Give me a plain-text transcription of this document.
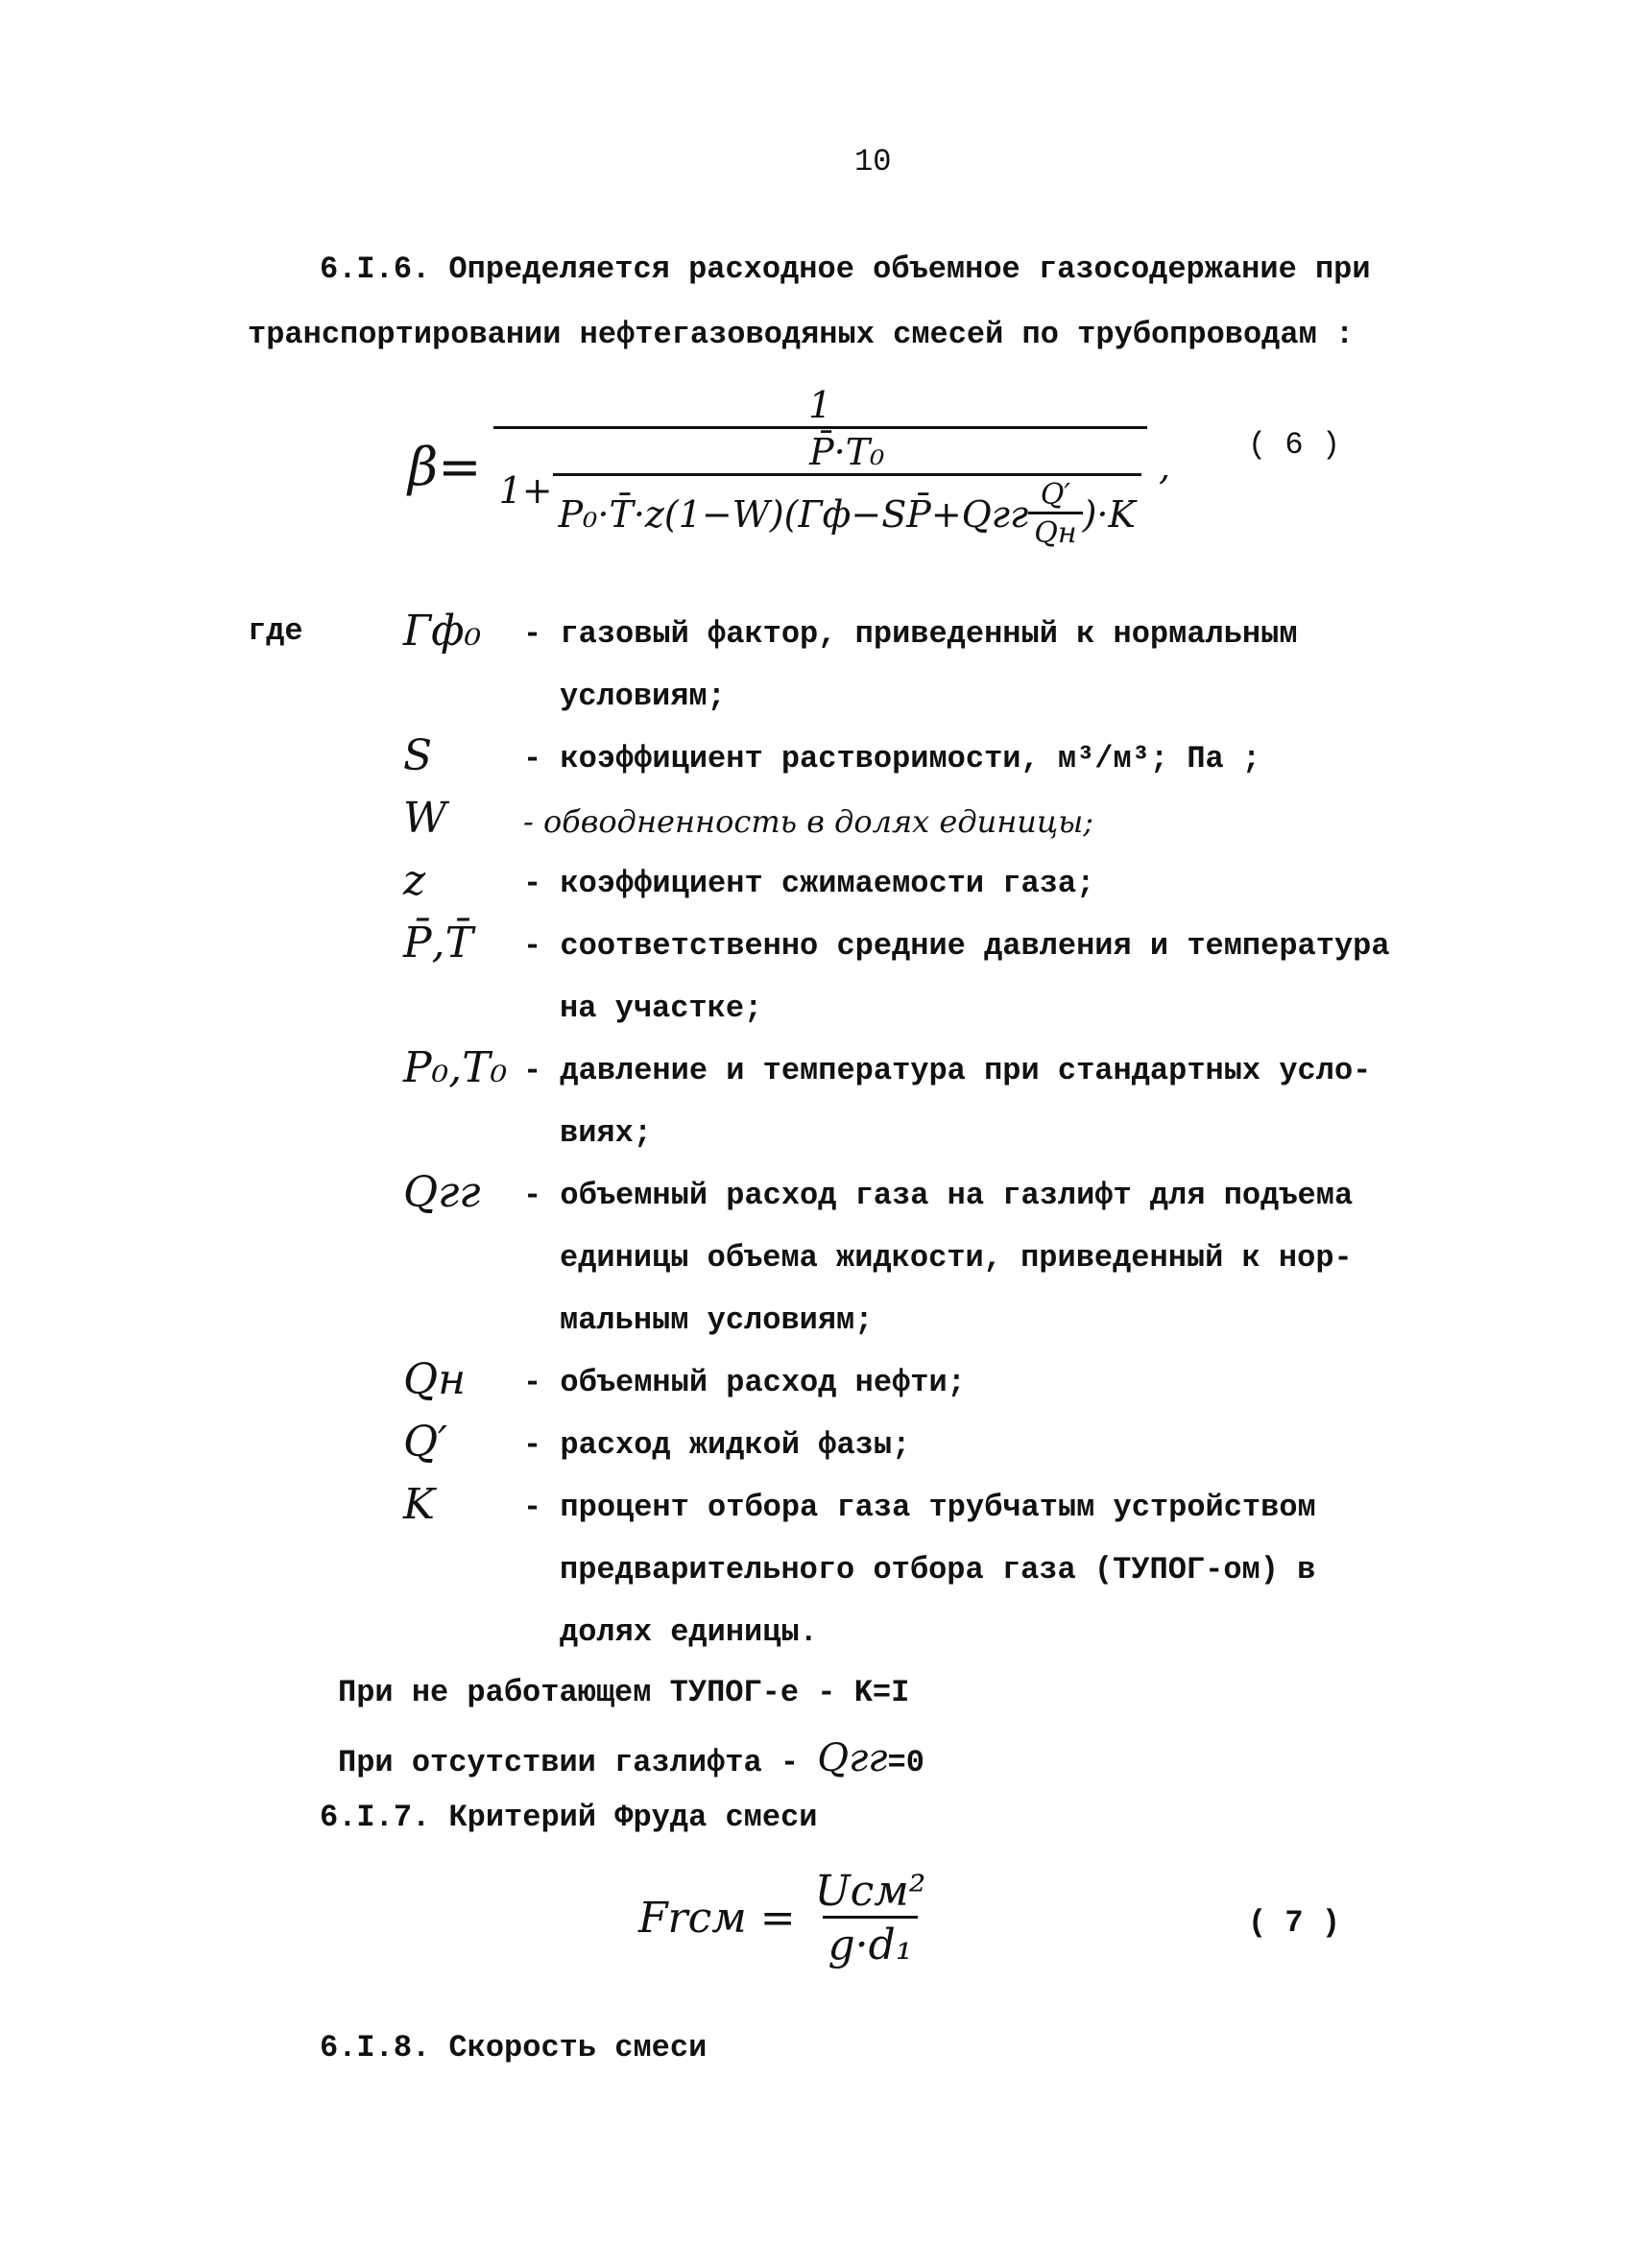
10
6.I.6. Определяется расходное объемное газосодержание при
транспортировании нефтегазоводяных смесей по трубопроводам :
β=
1
1+
P̄·T₀
P₀·T̄·z(1−W)(Гф−SP̄+Qгг $\frac{Q'}{Qн} )\cdot K$
,
( 6 )
где Гф₀ - газовый фактор, приведенный к нормальным
условиям;
S	- коэффициент растворимости, м³/м³; Па ;
W - обводненность в долях единицы;
z	- коэффициент сжимаемости газа;
P̄,T̄ - соответственно средние давления и температура
на участке;
P₀,T₀ - давление и температура при стандартных усло-
виях;
Qгг - объемный расход газа на газлифт для подъема
единицы объема жидкости, приведенный к нор-
мальным условиям;
Qн - объемный расход нефти;
Q′ - расход жидкой фазы;
K	- процент отбора газа трубчатым устройством
предварительного отбора газа (ТУПОГ-ом) в
долях единицы.
При не работающем ТУПОГ-е - K=I
При отсутствии газлифта - Qгг=0
6.I.7. Критерий Фруда смеси
Frсм = $\frac{\text{Uсм²}}{\text{g·d₁}}$	( 7 )
6.I.8. Скорость смеси
